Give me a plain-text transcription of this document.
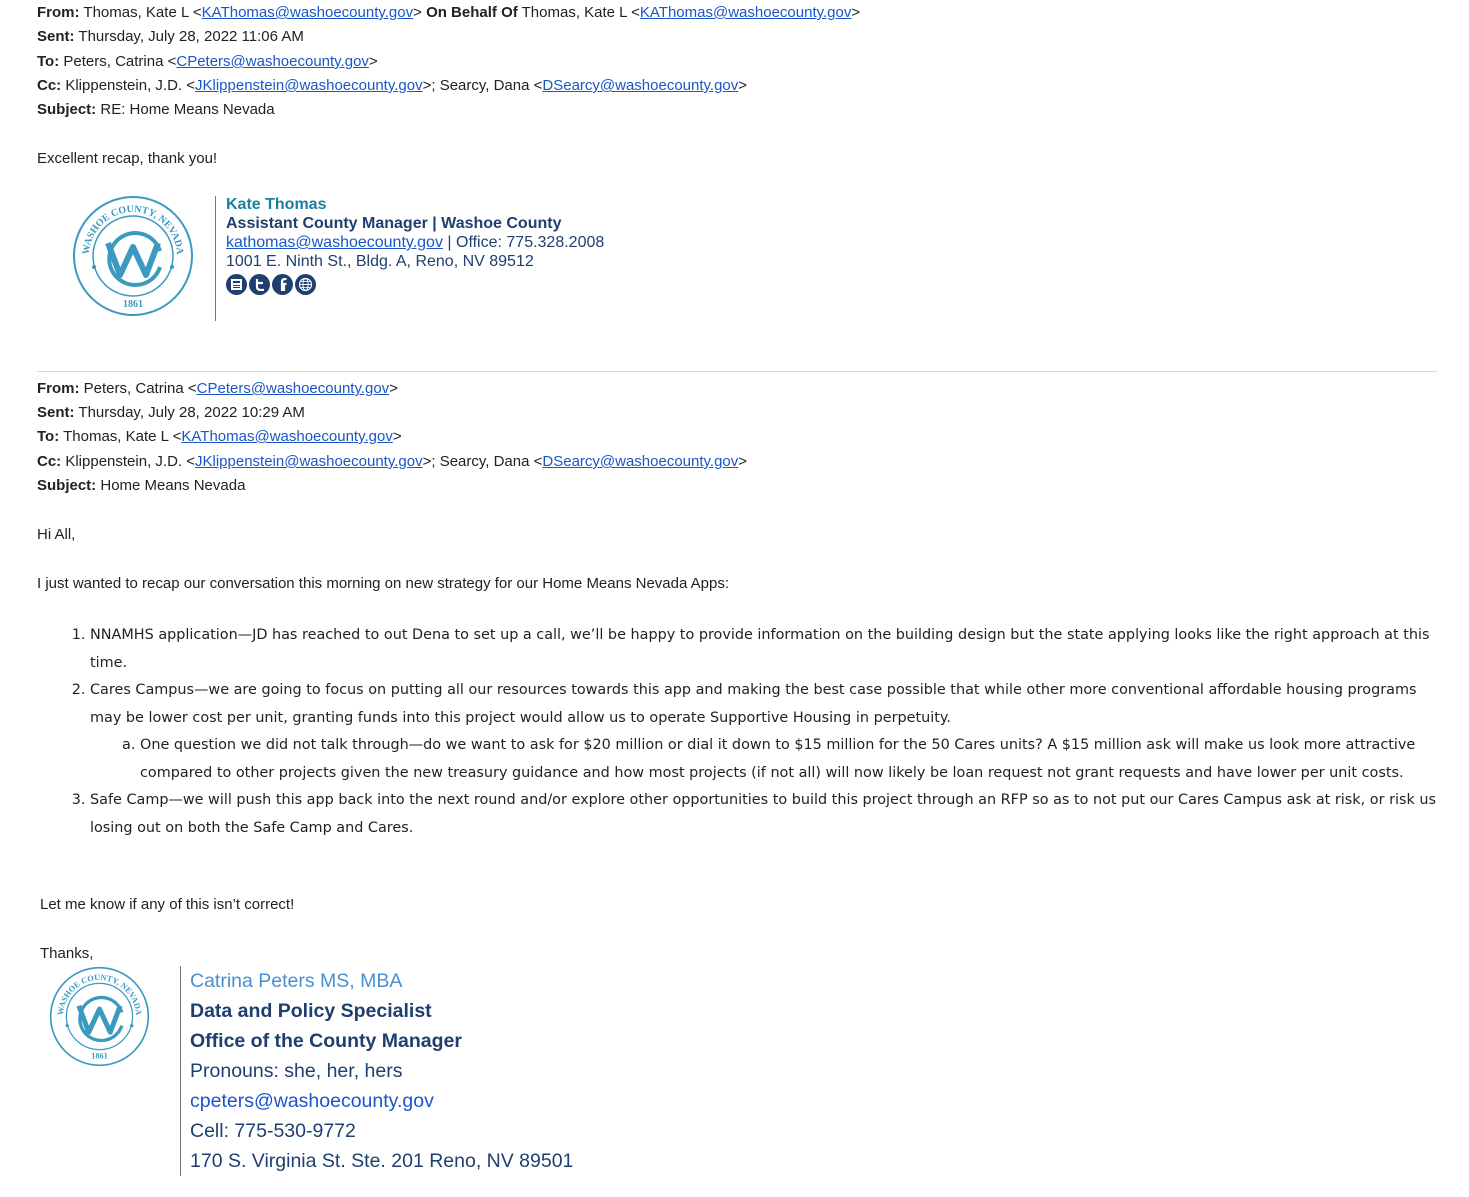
From: Thomas, Kate L <KAThomas@washoecounty.gov> On Behalf Of Thomas, Kate L <KAThomas@washoecounty.gov>
Sent: Thursday, July 28, 2022 11:06 AM
To: Peters, Catrina <CPeters@washoecounty.gov>
Cc: Klippenstein, J.D. <JKlippenstein@washoecounty.gov>; Searcy, Dana <DSearcy@washoecounty.gov>
Subject: RE: Home Means Nevada
Excellent recap, thank you!
WASHOE COUNTY, NEVADA
1861
Kate Thomas
Assistant County Manager | Washoe County
kathomas@washoecounty.gov | Office: 775.328.2008
1001 E. Ninth St., Bldg. A, Reno, NV 89512
From: Peters, Catrina <CPeters@washoecounty.gov>
Sent: Thursday, July 28, 2022 10:29 AM
To: Thomas, Kate L <KAThomas@washoecounty.gov>
Cc: Klippenstein, J.D. <JKlippenstein@washoecounty.gov>; Searcy, Dana <DSearcy@washoecounty.gov>
Subject: Home Means Nevada
Hi All,
I just wanted to recap our conversation this morning on new strategy for our Home Means Nevada Apps:
1. NNAMHS application—JD has reached to out Dena to set up a call, we’ll be happy to provide information on the building design but the state applying looks like the right approach at this time.
2. Cares Campus—we are going to focus on putting all our resources towards this app and making the best case possible that while other more conventional affordable housing programs may be lower cost per unit, granting funds into this project would allow us to operate Supportive Housing in perpetuity.
a. One question we did not talk through—do we want to ask for $20 million or dial it down to $15 million for the 50 Cares units? A $15 million ask will make us look more attractive compared to other projects given the new treasury guidance and how most projects (if not all) will now likely be loan request not grant requests and have lower per unit costs.
3. Safe Camp—we will push this app back into the next round and/or explore other opportunities to build this project through an RFP so as to not put our Cares Campus ask at risk, or risk us losing out on both the Safe Camp and Cares.
Let me know if any of this isn’t correct!
Thanks,
WASHOE COUNTY, NEVADA
1861
Catrina Peters MS, MBA
Data and Policy Specialist
Office of the County Manager
Pronouns: she, her, hers
cpeters@washoecounty.gov
Cell: 775-530-9772
170 S. Virginia St. Ste. 201 Reno, NV 89501
